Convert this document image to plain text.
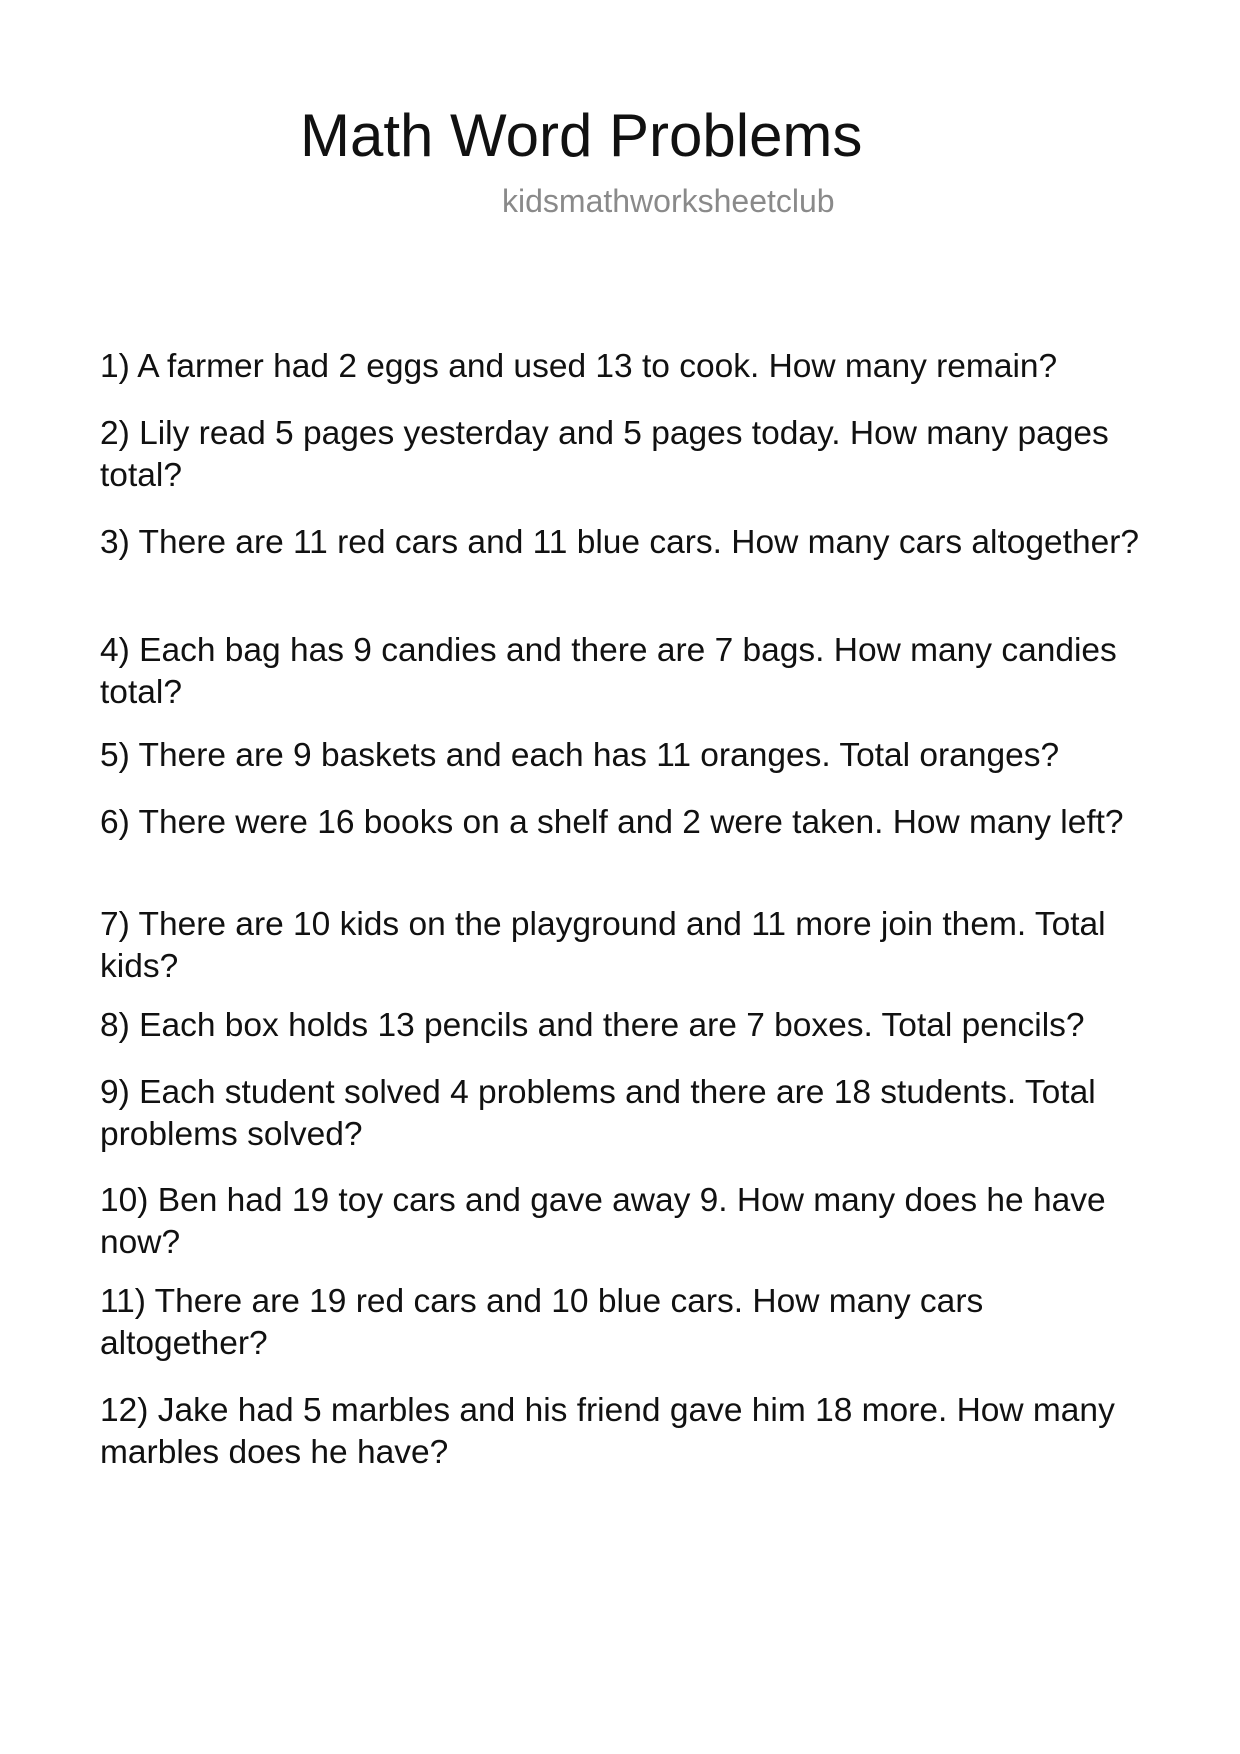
Math Word Problems
kidsmathworksheetclub

1) A farmer had 2 eggs and used 13 to cook. How many remain?

2) Lily read 5 pages yesterday and 5 pages today. How many pages total?

3) There are 11 red cars and 11 blue cars. How many cars altogether?

4) Each bag has 9 candies and there are 7 bags. How many candies total?

5) There are 9 baskets and each has 11 oranges. Total oranges?

6) There were 16 books on a shelf and 2 were taken. How many left?

7) There are 10 kids on the playground and 11 more join them. Total kids?

8) Each box holds 13 pencils and there are 7 boxes. Total pencils?

9) Each student solved 4 problems and there are 18 students. Total problems solved?

10) Ben had 19 toy cars and gave away 9. How many does he have now?

11) There are 19 red cars and 10 blue cars. How many cars altogether?

12) Jake had 5 marbles and his friend gave him 18 more. How many marbles does he have?
